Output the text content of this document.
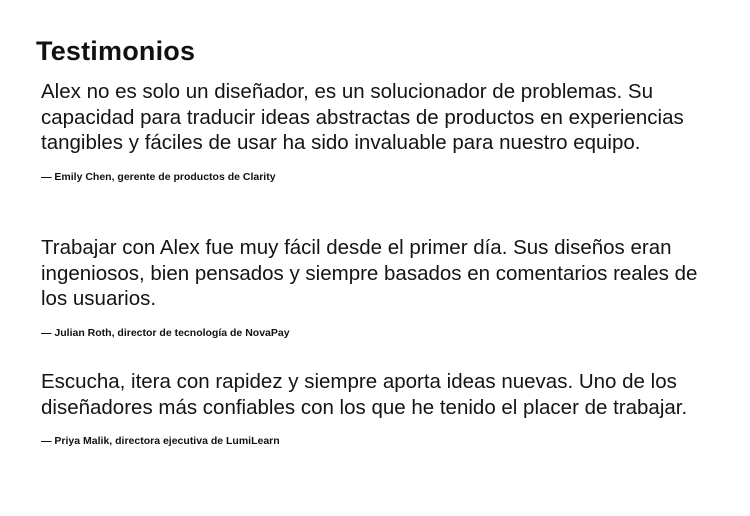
Testimonios

Alex no es solo un diseñador, es un solucionador de problemas. Su capacidad para traducir ideas abstractas de productos en experiencias tangibles y fáciles de usar ha sido invaluable para nuestro equipo.

— Emily Chen, gerente de productos de Clarity

Trabajar con Alex fue muy fácil desde el primer día. Sus diseños eran ingeniosos, bien pensados y siempre basados en comentarios reales de los usuarios.

— Julian Roth, director de tecnología de NovaPay

Escucha, itera con rapidez y siempre aporta ideas nuevas. Uno de los diseñadores más confiables con los que he tenido el placer de trabajar.

— Priya Malik, directora ejecutiva de LumiLearn
